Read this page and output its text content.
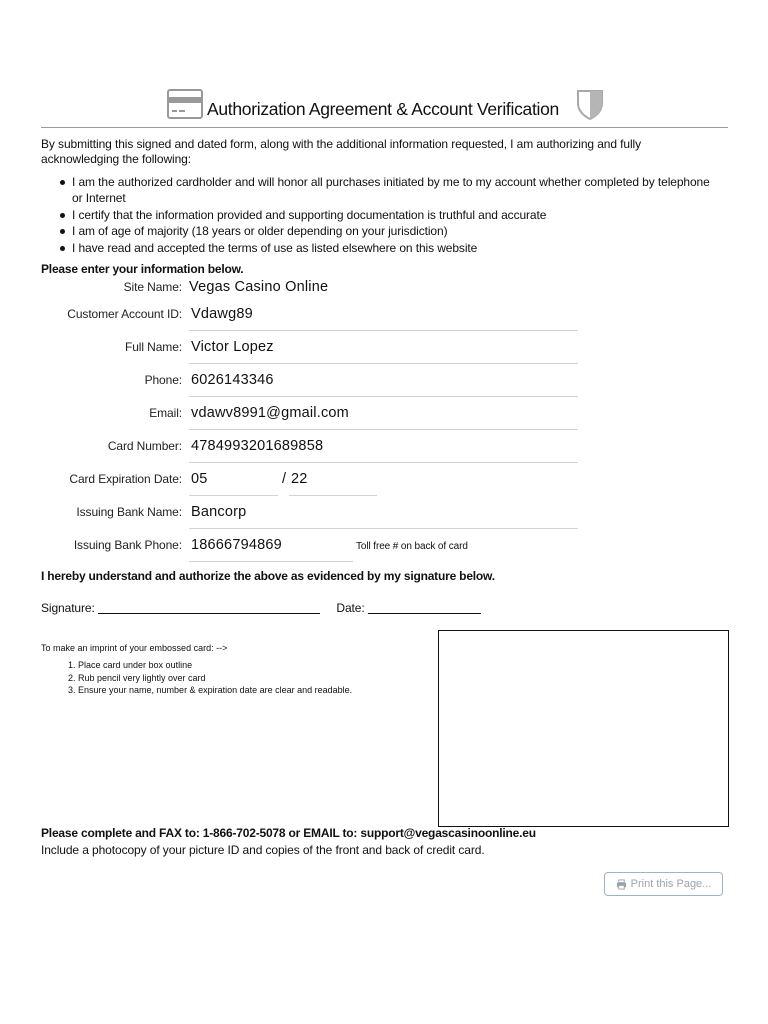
Authorization Agreement & Account Verification

By submitting this signed and dated form, along with the additional information requested, I am authorizing and fully acknowledging the following:

I am the authorized cardholder and will honor all purchases initiated by me to my account whether completed by telephone or Internet
I certify that the information provided and supporting documentation is truthful and accurate
I am of age of majority (18 years or older depending on your jurisdiction)
I have read and accepted the terms of use as listed elsewhere on this website
Please enter your information below.
Site Name: Vegas Casino Online
Customer Account ID: Vdawg89
Full Name: Victor Lopez
Phone: 6026143346
Email: vdawv8991@gmail.com
Card Number: 4784993201689858
Card Expiration Date: 05	/ 22
Issuing Bank Name: Bancorp
Issuing Bank Phone: 18666794869	Toll free # on back of card
I hereby understand and authorize the above as evidenced by my signature below.
Signature:	Date:
To make an imprint of your embossed card: -->
1. Place card under box outline
2. Rub pencil very lightly over card
3. Ensure your name, number & expiration date are clear and readable.
Please complete and FAX to: 1-866-702-5078 or EMAIL to: support@vegascasinoonline.eu
Include a photocopy of your picture ID and copies of the front and back of credit card.
Print this Page...
